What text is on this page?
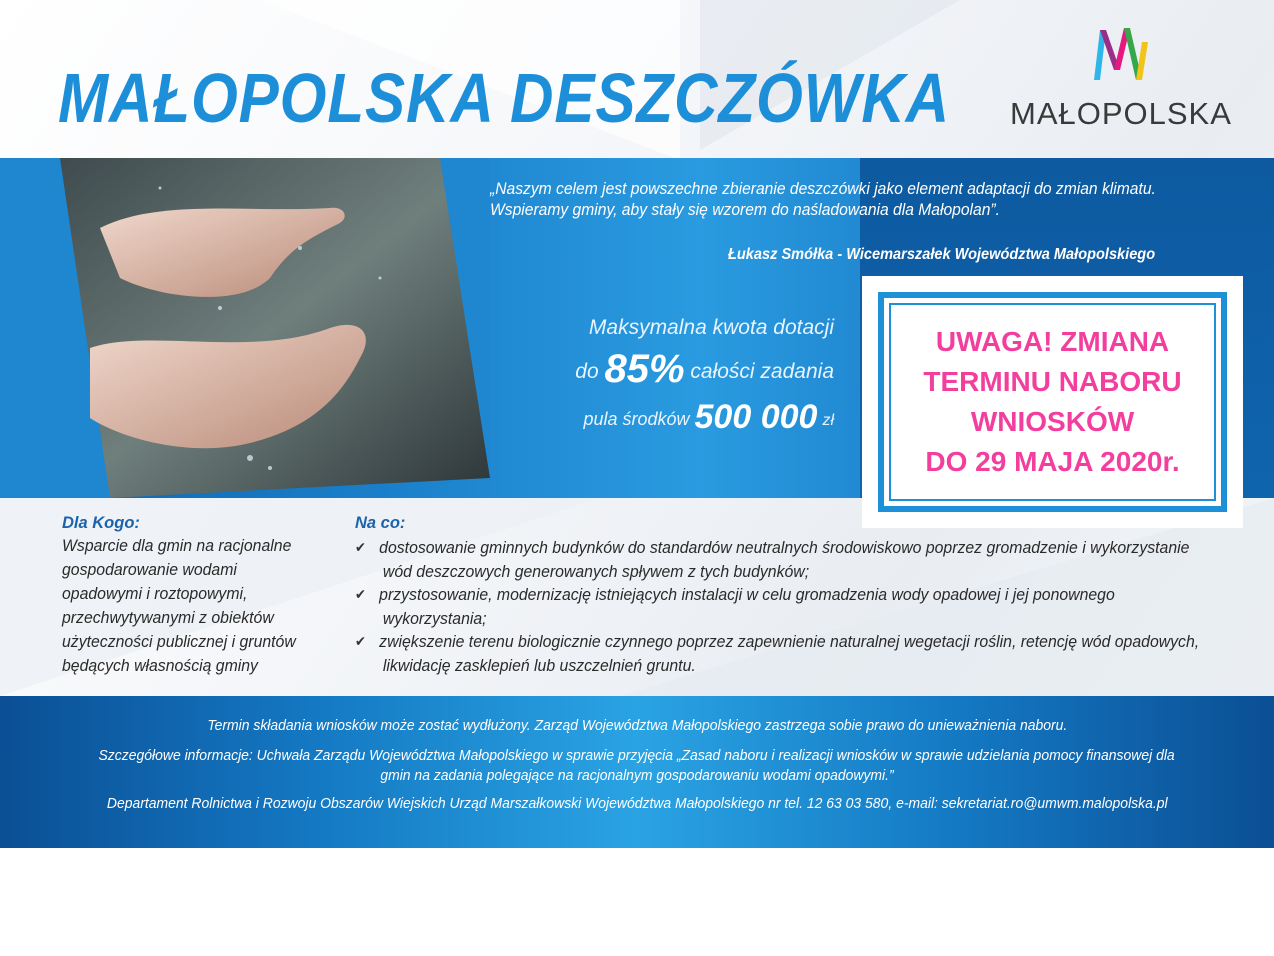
MAŁOPOLSKA DESZCZÓWKA MAŁOPOLSKA
„Naszym celem jest powszechne zbieranie deszczówki jako element adaptacji do zmian klimatu.
Wspieramy gminy, aby stały się wzorem do naśladowania dla Małopolan”.
Łukasz Smółka - Wicemarszałek Województwa Małopolskiego
Maksymalna kwota dotacji
do 85% całości zadania
pula środków 500 000 zł
UWAGA! ZMIANA
TERMINU NABORU
WNIOSKÓW
DO 29 MAJA 2020r.
Dla Kogo:
Wsparcie dla gmin na racjonalne
gospodarowanie wodami
opadowymi i roztopowymi,
przechwytywanymi z obiektów
użyteczności publicznej i gruntów
będących własnością gminy
Na co:
✔ dostosowanie gminnych budynków do standardów neutralnych środowiskowo poprzez gromadzenie i wykorzystanie
wód deszczowych generowanych spływem z tych budynków;
✔ przystosowanie, modernizację istniejących instalacji w celu gromadzenia wody opadowej i jej ponownego
wykorzystania;
✔ zwiększenie terenu biologicznie czynnego poprzez zapewnienie naturalnej wegetacji roślin, retencję wód opadowych,
likwidację zasklepień lub uszczelnień gruntu.
Termin składania wniosków może zostać wydłużony. Zarząd Województwa Małopolskiego zastrzega sobie prawo do unieważnienia naboru.
Szczegółowe informacje: Uchwała Zarządu Województwa Małopolskiego w sprawie przyjęcia „Zasad naboru i realizacji wniosków w sprawie udzielania pomocy finansowej dla
gmin na zadania polegające na racjonalnym gospodarowaniu wodami opadowymi.”
Departament Rolnictwa i Rozwoju Obszarów Wiejskich Urząd Marszałkowski Województwa Małopolskiego nr tel. 12 63 03 580, e-mail: sekretariat.ro@umwm.malopolska.pl
